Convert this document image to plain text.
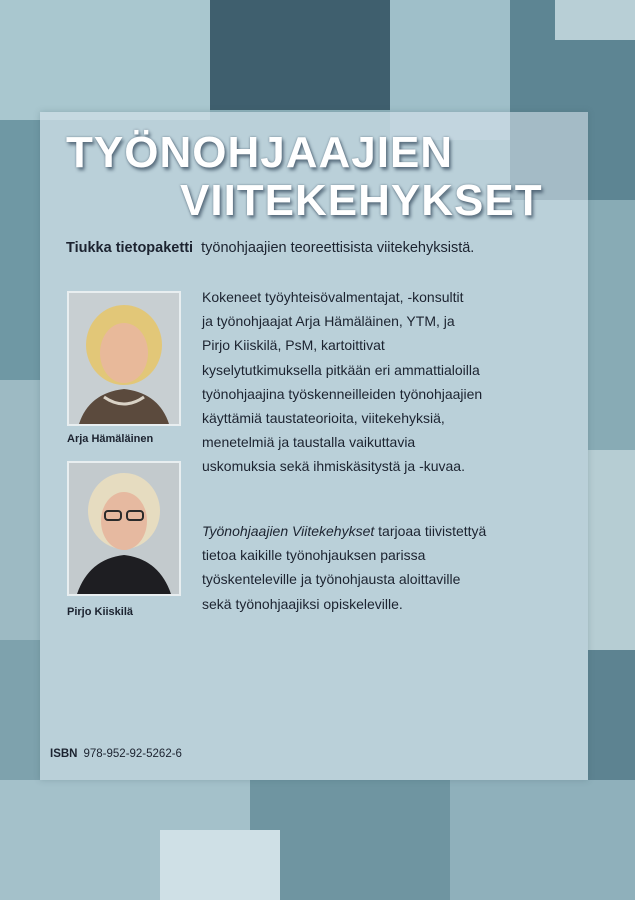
TYÖNOHJAAJIEN
VIITEKEHYKSET
Tiukka tietopaketti työnohjaajien teoreettisista viitekehyksistä.
Arja Hämäläinen
Pirjo Kiiskilä
Kokeneet työyhteisövalmentajat, -konsultit
ja työnohjaajat Arja Hämäläinen, YTM, ja
Pirjo Kiiskilä, PsM, kartoittivat
kyselytutkimuksella pitkään eri ammattialoilla
työnohjaajina työskenneilleiden työnohjaajien
käyttämiä taustateorioita, viitekehyksiä,
menetelmiä ja taustalla vaikuttavia
uskomuksia sekä ihmiskäsitystä ja -kuvaa.
Työnohjaajien Viitekehykset tarjoaa tiivistettyä
tietoa kaikille työnohjauksen parissa
työskenteleville ja työnohjausta aloittaville
sekä työnohjaajiksi opiskeleville.
ISBN 978-952-92-5262-6
